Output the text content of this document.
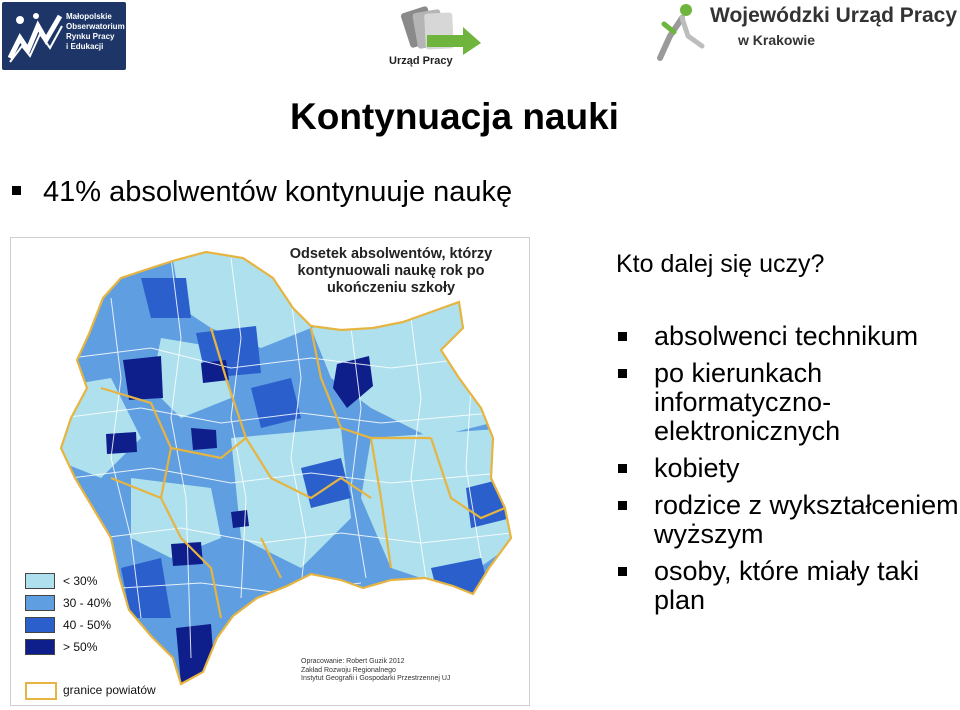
Małopolskie
Obserwatorium
Rynku Pracy
i Edukacji
Urząd Pracy
Wojewódzki Urząd Pracy
w Krakowie
Kontynuacja nauki
41% absolwentów kontynuuje naukę
Kto dalej się uczy?
absolwenci technikum
po kierunkach informatyczno-elektronicznych
kobiety
rodzice z wykształceniem wyższym
osoby, które miały taki plan
Odsetek absolwentów, którzy kontynuowali naukę rok po ukończeniu szkoły
< 30%
30 - 40%
40 - 50%
> 50%
granice powiatów
Opracowanie: Robert Guzik 2012
Zakład Rozwoju Regionalnego
Instytut Geografii i Gospodarki Przestrzennej UJ
